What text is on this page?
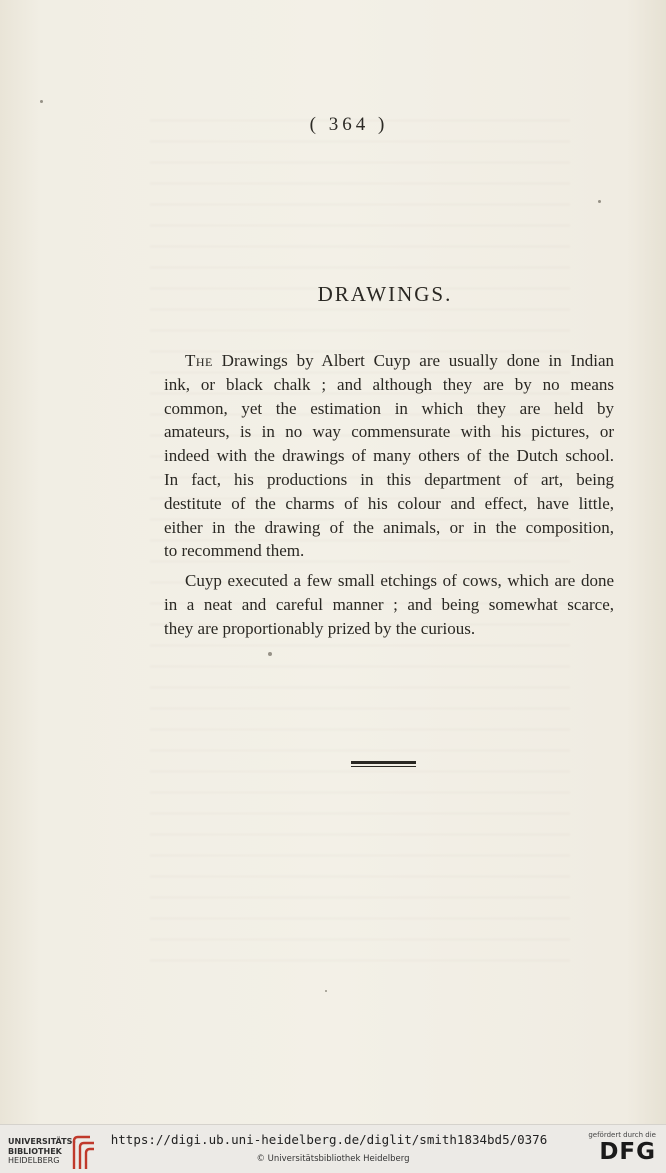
( 364 )
DRAWINGS.
The Drawings by Albert Cuyp are usually done in Indian
ink, or black chalk ; and although they are by no means
common, yet the estimation in which they are held by
amateurs, is in no way commensurate with his pictures, or
indeed with the drawings of many others of the Dutch school.
In fact, his productions in this department of art, being
destitute of the charms of his colour and effect, have little,
either in the drawing of the animals, or in the composition,
to recommend them.
Cuyp executed a few small etchings of cows, which are done
in a neat and careful manner ; and being somewhat scarce,
they are proportionably prized by the curious.
UNIVERSITÄTS-
BIBLIOTHEK
HEIDELBERG
https://digi.ub.uni-heidelberg.de/diglit/smith1834bd5/0376
© Universitätsbibliothek Heidelberg
gefördert durch die
DFG
